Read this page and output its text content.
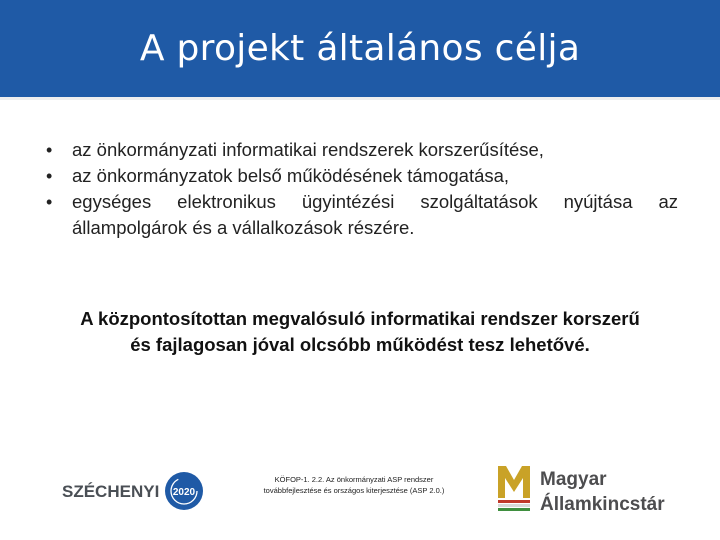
A projekt általános célja
• az önkormányzati informatikai rendszerek korszerűsítése,
• az önkormányzatok belső működésének támogatása,
• egységes elektronikus ügyintézési szolgáltatások nyújtása az állampolgárok és a vállalkozások részére.
A központosítottan megvalósuló informatikai rendszer korszerű
és fajlagosan jóval olcsóbb működést tesz lehetővé.
SZÉCHENYI 2020
KÖFOP-1. 2.2. Az önkormányzati ASP rendszer
továbbfejlesztése és országos kiterjesztése (ASP 2.0.)
Magyar
Államkincstár
